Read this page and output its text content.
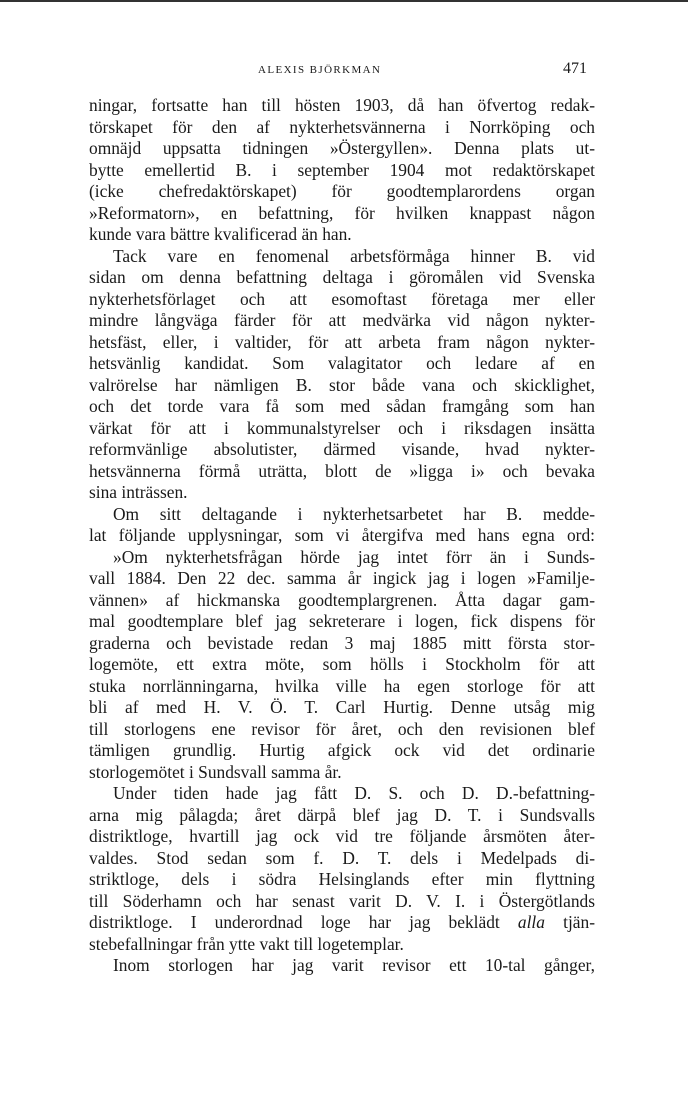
ALEXIS BJÖRKMAN	471
ningar, fortsatte han till hösten 1903, då han öfvertog redak-
törskapet för den af nykterhetsvännerna i Norrköping och
omnäjd uppsatta tidningen »Östergyllen». Denna plats ut-
bytte emellertid B. i september 1904 mot redaktörskapet
(icke chefredaktörskapet) för goodtemplarordens organ
»Reformatorn», en befattning, för hvilken knappast någon
kunde vara bättre kvalificerad än han.
Tack vare en fenomenal arbetsförmåga hinner B. vid
sidan om denna befattning deltaga i göromålen vid Svenska
nykterhetsförlaget och att esomoftast företaga mer eller
mindre långväga färder för att medvärka vid någon nykter-
hetsfäst, eller, i valtider, för att arbeta fram någon nykter-
hetsvänlig kandidat. Som valagitator och ledare af en
valrörelse har nämligen B. stor både vana och skicklighet,
och det torde vara få som med sådan framgång som han
värkat för att i kommunalstyrelser och i riksdagen insätta
reformvänlige absolutister, därmed visande, hvad nykter-
hetsvännerna förmå uträtta, blott de »ligga i» och bevaka
sina inträssen.
Om sitt deltagande i nykterhetsarbetet har B. medde-
lat följande upplysningar, som vi återgifva med hans egna ord:
»Om nykterhetsfrågan hörde jag intet förr än i Sunds-
vall 1884. Den 22 dec. samma år ingick jag i logen »Familje-
vännen» af hickmanska goodtemplargrenen. Åtta dagar gam-
mal goodtemplare blef jag sekreterare i logen, fick dispens för
graderna och bevistade redan 3 maj 1885 mitt första stor-
logemöte, ett extra möte, som hölls i Stockholm för att
stuka norrlänningarna, hvilka ville ha egen storloge för att
bli af med H. V. Ö. T. Carl Hurtig. Denne utsåg mig
till storlogens ene revisor för året, och den revisionen blef
tämligen grundlig. Hurtig afgick ock vid det ordinarie
storlogemötet i Sundsvall samma år.
Under tiden hade jag fått D. S. och D. D.-befattning-
arna mig pålagda; året därpå blef jag D. T. i Sundsvalls
distriktloge, hvartill jag ock vid tre följande årsmöten åter-
valdes. Stod sedan som f. D. T. dels i Medelpads di-
striktloge, dels i södra Helsinglands efter min flyttning
till Söderhamn och har senast varit D. V. I. i Östergötlands
distriktloge. I underordnad loge har jag beklädt alla tjän-
stebefallningar från ytte vakt till logetemplar.
Inom storlogen har jag varit revisor ett 10-tal gånger,
